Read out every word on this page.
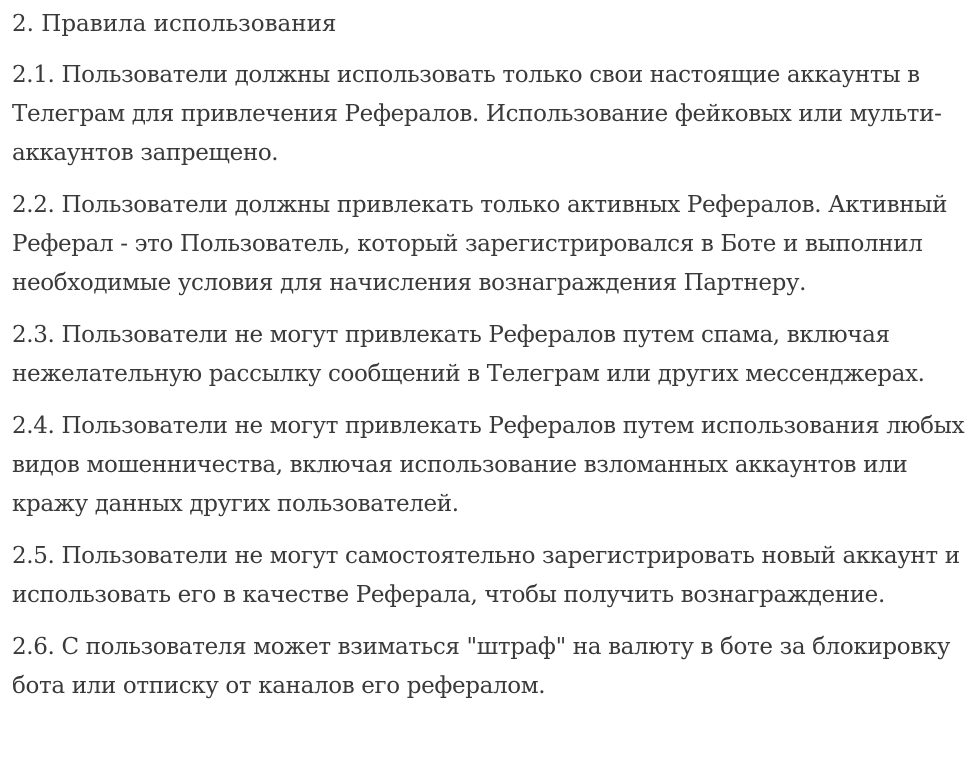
2. Правила использования

2.1. Пользователи должны использовать только свои настоящие аккаунты в Телеграм для привлечения Рефералов. Использование фейковых или мульти-аккаунтов запрещено.

2.2. Пользователи должны привлекать только активных Рефералов. Активный Реферал - это Пользователь, который зарегистрировался в Боте и выполнил необходимые условия для начисления вознаграждения Партнеру.

2.3. Пользователи не могут привлекать Рефералов путем спама, включая нежелательную рассылку сообщений в Телеграм или других мессенджерах.

2.4. Пользователи не могут привлекать Рефералов путем использования любых видов мошенничества, включая использование взломанных аккаунтов или кражу данных других пользователей.

2.5. Пользователи не могут самостоятельно зарегистрировать новый аккаунт и использовать его в качестве Реферала, чтобы получить вознаграждение.

2.6. С пользователя может взиматься "штраф" на валюту в боте за блокировку бота или отписку от каналов его рефералом.
